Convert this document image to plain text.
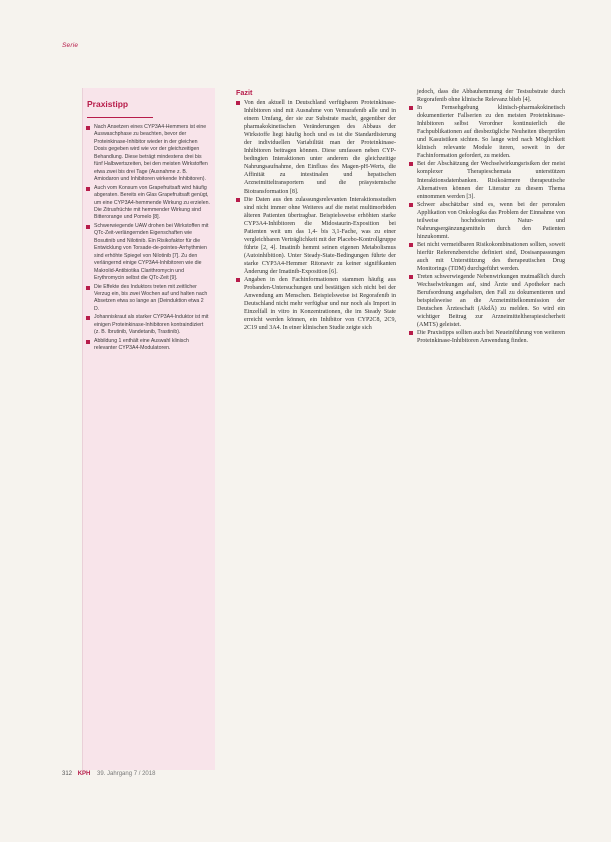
Serie
Praxistipp
Nach Ansetzen eines CYP3A4-Hemmers ist eine Auswaschphase zu beachten, bevor der Proteinkinase-Inhibitor wieder in der gleichen Dosis gegeben wird wie vor der gleichzeitigen Behandlung. Diese beträgt mindestens drei bis fünf Halbwertszeiten, bei den meisten Wirkstoffen etwa zwei bis drei Tage (Ausnahme z. B. Amiodaron und Inhibitoren wirkende Inhibitoren).
Auch vom Konsum von Grapefruitsaft wird häufig abgeraten. Bereits ein Glas Grapefruitsaft genügt, um eine CYP3A4-hemmende Wirkung zu erzielen. Die Zitrusfrüchte mit hemmender Wirkung sind Bitterorange und Pomelo [8].
Schwerwiegende UAW drohen bei Wirkstoffen mit QTc-Zeit-verlängernden Eigenschaften wie Bosutinib und Nilotinib. Ein Risikofaktor für die Entwicklung von Torsade-de-pointes-Arrhythmien sind erhöhte Spiegel von Nilotinib [7]. Zu den verlängernd einige CYP3A4-Inhibitoren wie die Makrolid-Antibiotika Clarithromycin und Erythromycin selbst die QTc-Zeit [9].
Die Effekte des Induktors treten mit zeitlicher Verzug ein, bis zwei Wochen auf und halten nach Absetzen etwa so lange an (Deinduktion etwa 2 D.
Johanniskraut als starker CYP3A4-Induktor ist mit einigen Proteinkinase-Inhibitoren kontraindiziert (z. B. Ibrutinib, Vandetanib, Trastinib).
Abbildung 1 enthält eine Auswahl klinisch relevanter CYP3A4-Modulatoren.
Fazit
Von den aktuell in Deutschland verfügbaren Proteinkinase-Inhibitoren sind mit Ausnahme von Vemurafenib alle und in einem Umfang, der sie zur Substrate macht, gegenüber der pharmakokinetischen Veränderungen des Abbaus der Wirkstoffe liegt häufig hoch und es ist die Standardisierung der individuellen Variabilität man der Proteinkinase-Inhibitoren beitragen können. Diese umfassen neben CYP-bedingten Interaktionen unter anderem die gleichzeitige Nahrungsaufnahme, den Einfluss des Magen-pH-Werts, die Affinität zu intestinalen und hepatischen Arzneimitteltransportern und die präsystemische Biotransformation [8].
Die Daten aus den zulassungsrelevanten Interaktionsstudien sind nicht immer ohne Weiteres auf die meist multimorbiden älteren Patienten übertragbar. Beispielsweise erhöhten starke CYP3A4-Inhibitoren die Midostaurin-Exposition bei Patienten weit um das 1,4- bis 3,1-Fache, was zu einer vergleichbaren Verträglichkeit mit der Placebo-Kontrollgruppe führte [2, 4]. Imatinib hemmt seinen eigenen Metabolismus (Autoinhibition). Unter Steady-State-Bedingungen führte der starke CYP3A4-Hemmer Ritonavir zu keiner signifikanten Änderung der Imatinib-Exposition [6].
Angaben in den Fachinformationen stammen häufig aus Probanden-Untersuchungen und bestätigen sich nicht bei der Anwendung am Menschen. Beispielsweise ist Regorafenib in Deutschland nicht mehr verfügbar und nur noch als Import in Einzelfall in vitro in Konzentrationen, die im Steady State erreicht werden können, ein Inhibitor von CYP2C8, 2C9, 2C19 und 3A4. In einer klinischen Studie zeigte sich

jedoch, dass die Abbauhemmung der Testsubstrate durch Regorafenib ohne klinische Relevanz blieb [4].

In Fernsehgebung klinisch-pharmakokinetisch dokumentierter Fallserien zu den meisten Proteinkinase-Inhibitoren selbst Verordner kontinuierlich die Fachpublikationen auf diesbezügliche Neuheiten überprüfen und Kasuistiken sichten. So lange wird nach Möglichkeit klinisch relevante Module iteren, soweit in der Fachinformation gefordert, zu meiden.
Bei der Abschätzung der Wechselwirkungsrisiken der meist komplexer Therapieschemata unterstützen Interaktionsdatenbanken. Risikoärmere therapeutische Alternativen können der Literatur zu diesem Thema entnommen werden [3].
Schwer abschätzbar sind es, wenn bei der peroralen Applikation von Onkologika das Problem der Einnahme von teilweise hochdosierten Natur- und Nahrungsergänzungsmitteln durch den Patienten hinzukommt.
Bei nicht vermeidbaren Risikokombinationen sollten, soweit hierfür Referenzbereiche definiert sind, Dosisanpassungen auch mit Unterstützung des therapeutischen Drug Monitorings (TDM) durchgeführt werden.
Treten schwerwiegende Nebenwirkungen mutmaßlich durch Wechselwirkungen auf, sind Ärzte und Apotheker nach Berufsordnung angehalten, den Fall zu dokumentieren und beispielsweise an die Arzneimittelkommission der Deutschen Ärzteschaft (AkdÄ) zu melden. So wird ein wichtiger Beitrag zur Arzneimitteltherapiesicherheit (AMTS) geleistet.
Die Praxistipps sollten auch bei Neueinführung von weiteren Proteinkinase-Inhibitoren Anwendung finden.
312 KPH 39. Jahrgang 7 / 2018
